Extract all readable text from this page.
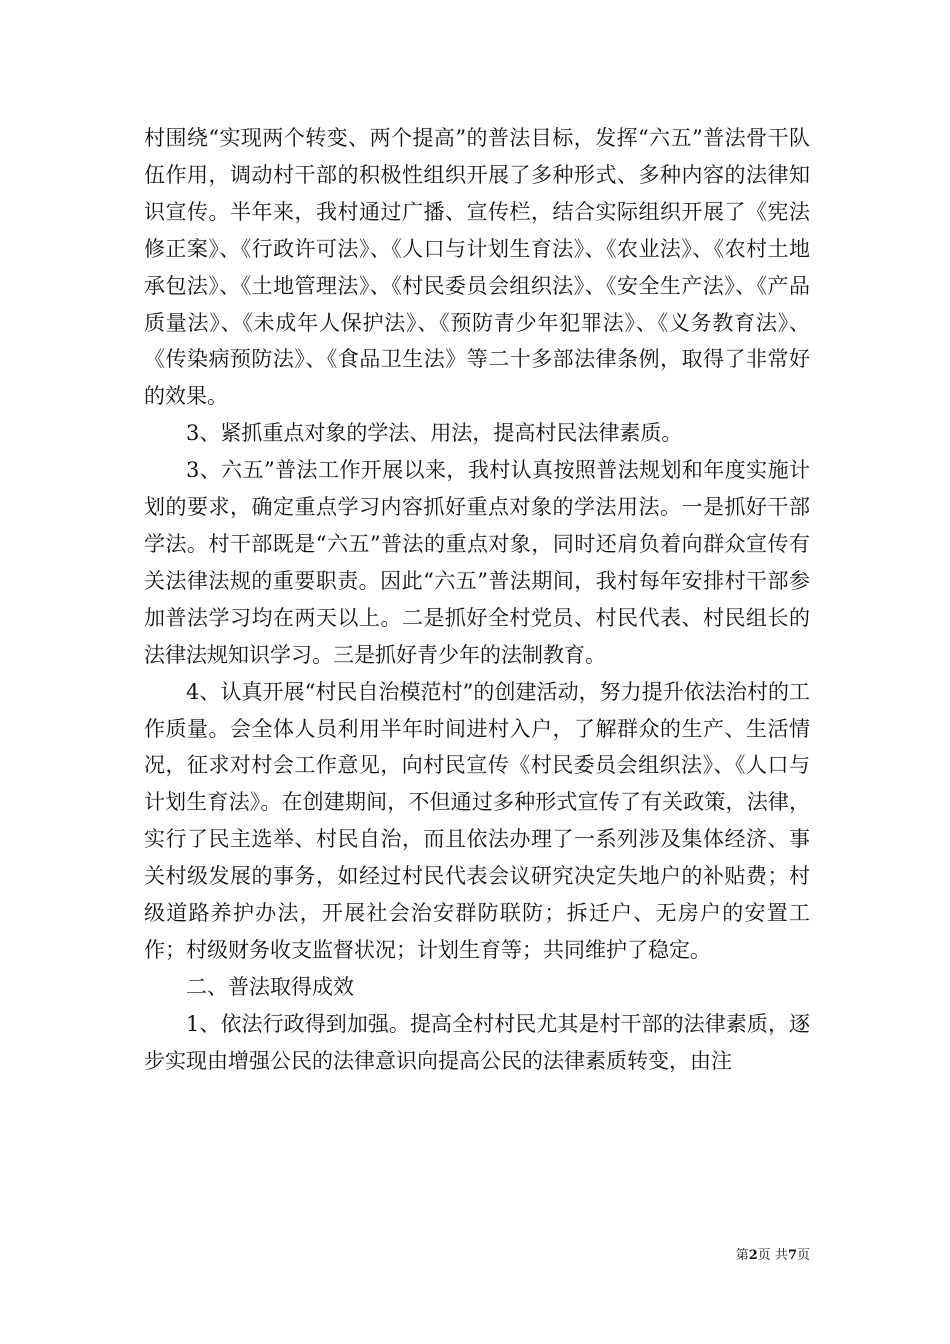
村围绕“实现两个转变、两个提高”的普法目标，发挥“六五”普法骨干队伍作用，调动村干部的积极性组织开展了多种形式、多种内容的法律知识宣传。半年来，我村通过广播、宣传栏，结合实际组织开展了《宪法修正案》、《行政许可法》、《人口与计划生育法》、《农业法》、《农村土地承包法》、《土地管理法》、《村民委员会组织法》、《安全生产法》、《产品质量法》、《未成年人保护法》、《预防青少年犯罪法》、《义务教育法》、《传染病预防法》、《食品卫生法》等二十多部法律条例，取得了非常好的效果。

3、紧抓重点对象的学法、用法，提高村民法律素质。

3、六五”普法工作开展以来，我村认真按照普法规划和年度实施计划的要求，确定重点学习内容抓好重点对象的学法用法。一是抓好干部学法。村干部既是“六五”普法的重点对象，同时还肩负着向群众宣传有关法律法规的重要职责。因此“六五”普法期间，我村每年安排村干部参加普法学习均在两天以上。二是抓好全村党员、村民代表、村民组长的法律法规知识学习。三是抓好青少年的法制教育。

4、认真开展“村民自治模范村”的创建活动，努力提升依法治村的工作质量。会全体人员利用半年时间进村入户，了解群众的生产、生活情况，征求对村会工作意见，向村民宣传《村民委员会组织法》、《人口与计划生育法》。在创建期间，不但通过多种形式宣传了有关政策，法律，实行了民主选举、村民自治，而且依法办理了一系列涉及集体经济、事关村级发展的事务，如经过村民代表会议研究决定失地户的补贴费；村级道路养护办法，开展社会治安群防联防；拆迁户、无房户的安置工作；村级财务收支监督状况；计划生育等；共同维护了稳定。

二、普法取得成效

1、依法行政得到加强。提高全村村民尤其是村干部的法律素质，逐步实现由增强公民的法律意识向提高公民的法律素质转变，由注

第2页 共7页
